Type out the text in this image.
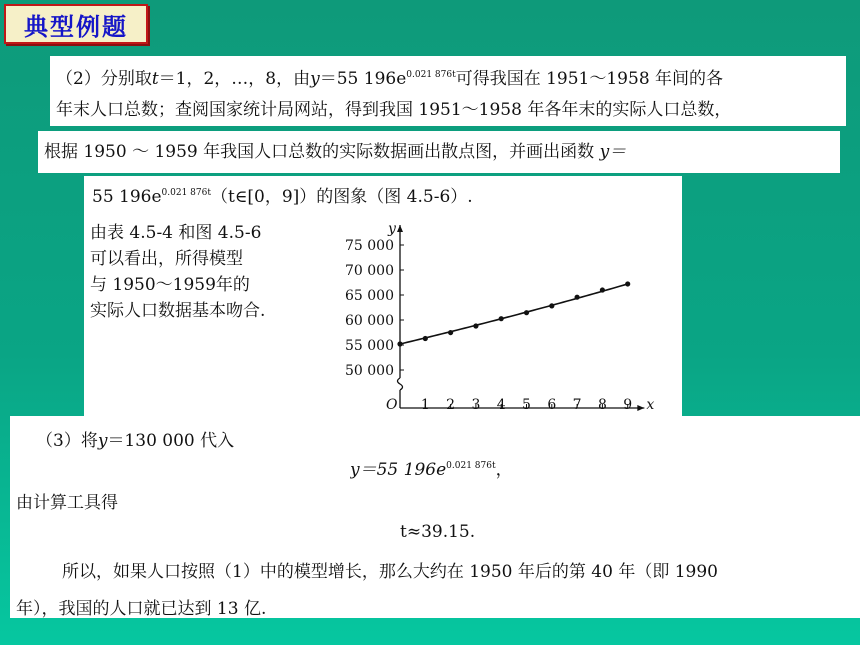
典型例题
（2）分别取t＝1，2，…，8，由y＝55 $196e^{0.021 876t}$可得我国在 1951～1958 年间的各
年末人口总数；查阅国家统计局网站，得到我国 1951～1958 年各年末的实际人口总数，
根据 1950 ～ 1959 年我国人口总数的实际数据画出散点图，并画出函数 y＝
55 $196e^{0.021 876t}(t\in[0$，9]）的图象（图 4.5-6）.
由表 4.5-4 和图 4.5-6
可以看出，所得模型
与 1950～1959年的
实际人口数据基本吻合.
50 000
55 000
60 000
65 000
70 000
75 000
1 2 3 4 5 6 7 8 9 x
y
O
（3）将y＝130 000 代入
y＝55 $196e^{0.021 876t}$，
由计算工具得
t≈39.15.
所以，如果人口按照（1）中的模型增长，那么大约在 1950 年后的第 40 年（即 1990
年），我国的人口就已达到 13 亿.
